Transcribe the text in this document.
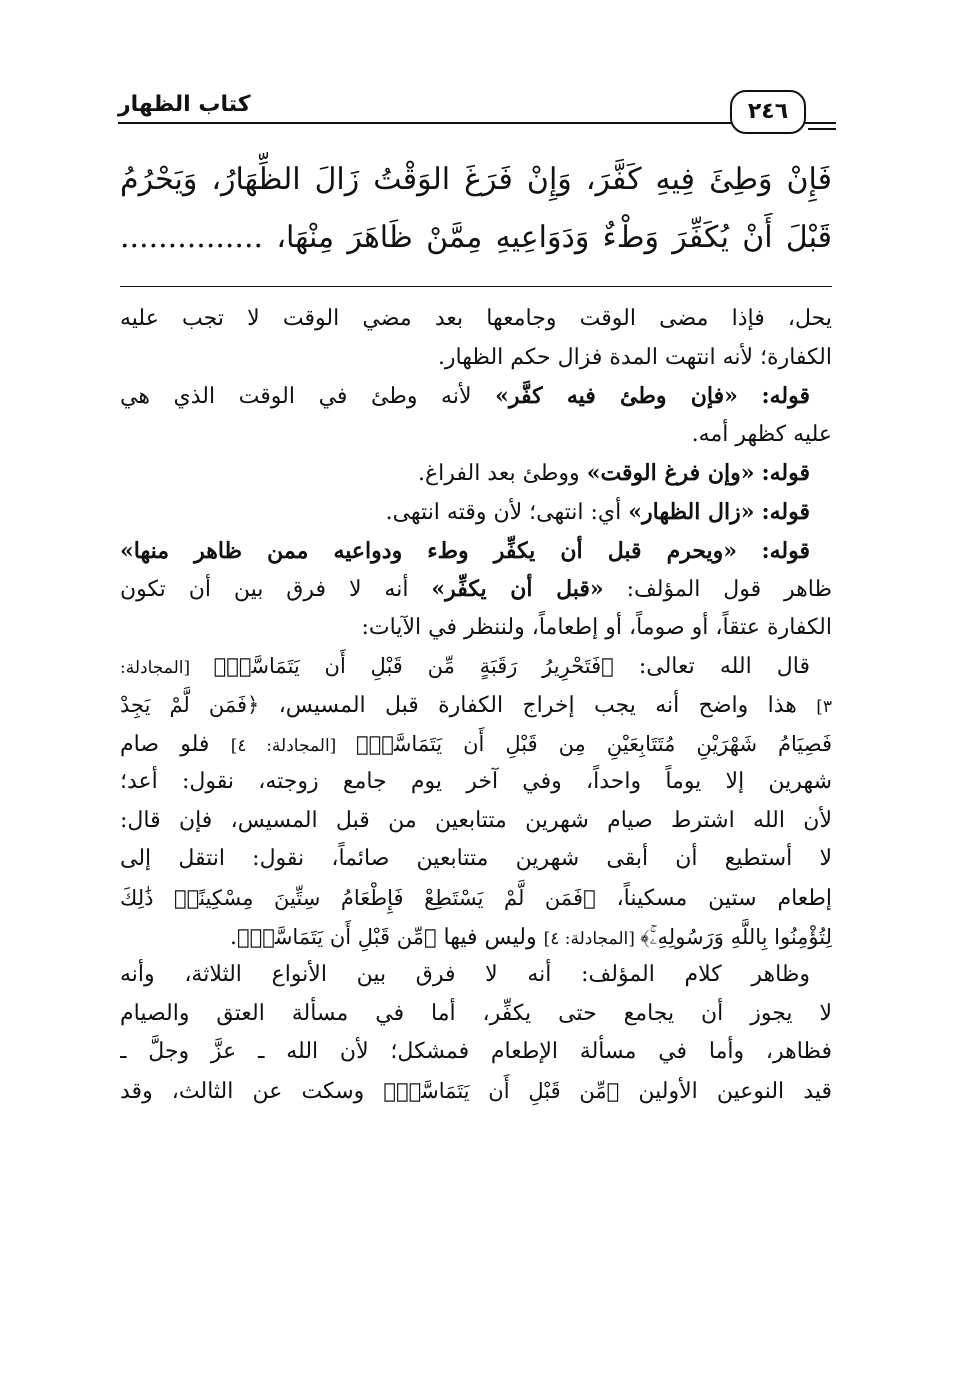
كتاب الظهار	٢٤٦
فَإِنْ وَطِئَ فِيهِ كَفَّرَ، وَإِنْ فَرَغَ الوَقْتُ زَالَ الظِّهَارُ، وَيَحْرُمُ
قَبْلَ أَنْ يُكَفِّرَ وَطْءٌ وَدَوَاعِيهِ مِمَّنْ ظَاهَرَ مِنْهَا، ...............
يحل، فإذا مضى الوقت وجامعها بعد مضي الوقت لا تجب عليه
الكفارة؛ لأنه انتهت المدة فزال حكم الظهار.
 قوله: «فإن وطئ فيه كفَّر» لأنه وطئ في الوقت الذي هي
عليه كظهر أمه.
 قوله: «وإن فرغ الوقت» ووطئ بعد الفراغ.
 قوله: «زال الظهار» أي: انتهى؛ لأن وقته انتهى.
 قوله: «ويحرم قبل أن يكفِّر وطء ودواعيه ممن ظاهر منها»
ظاهر قول المؤلف: «قبل أن يكفِّر» أنه لا فرق بين أن تكون
الكفارة عتقاً، أو صوماً، أو إطعاماً، ولننظر في الآيات:
 قال الله تعالى: ﴿فَتَحْرِيرُ رَقَبَةٍ مِّن قَبْلِ أَن يَتَمَاسَّاۚ﴾ [المجادلة:
٣] هذا واضح أنه يجب إخراج الكفارة قبل المسيس، ﴿فَمَن لَّمْ يَجِدْ
فَصِيَامُ شَهْرَيْنِ مُتَتَابِعَيْنِ مِن قَبْلِ أَن يَتَمَاسَّاۖ﴾ [المجادلة: ٤] فلو صام
شهرين إلا يوماً واحداً، وفي آخر يوم جامع زوجته، نقول: أعد؛
لأن الله اشترط صيام شهرين متتابعين من قبل المسيس، فإن قال:
لا أستطيع أن أبقى شهرين متتابعين صائماً، نقول: انتقل إلى
إطعام ستين مسكيناً، ﴿فَمَن لَّمْ يَسْتَطِعْ فَإِطْعَامُ سِتِّينَ مِسْكِينًاۚ ذَٰلِكَ
لِتُؤْمِنُوا بِاللَّهِ وَرَسُولِهِۦۚ﴾ [المجادلة: ٤] وليس فيها ﴿مِّن قَبْلِ أَن يَتَمَاسَّاۚ﴾.
 وظاهر كلام المؤلف: أنه لا فرق بين الأنواع الثلاثة، وأنه
لا يجوز أن يجامع حتى يكفِّر، أما في مسألة العتق والصيام
فظاهر، وأما في مسألة الإطعام فمشكل؛ لأن الله ـ عزَّ وجلَّ ـ
قيد النوعين الأولين ﴿مِّن قَبْلِ أَن يَتَمَاسَّاۚ﴾ وسكت عن الثالث، وقد
